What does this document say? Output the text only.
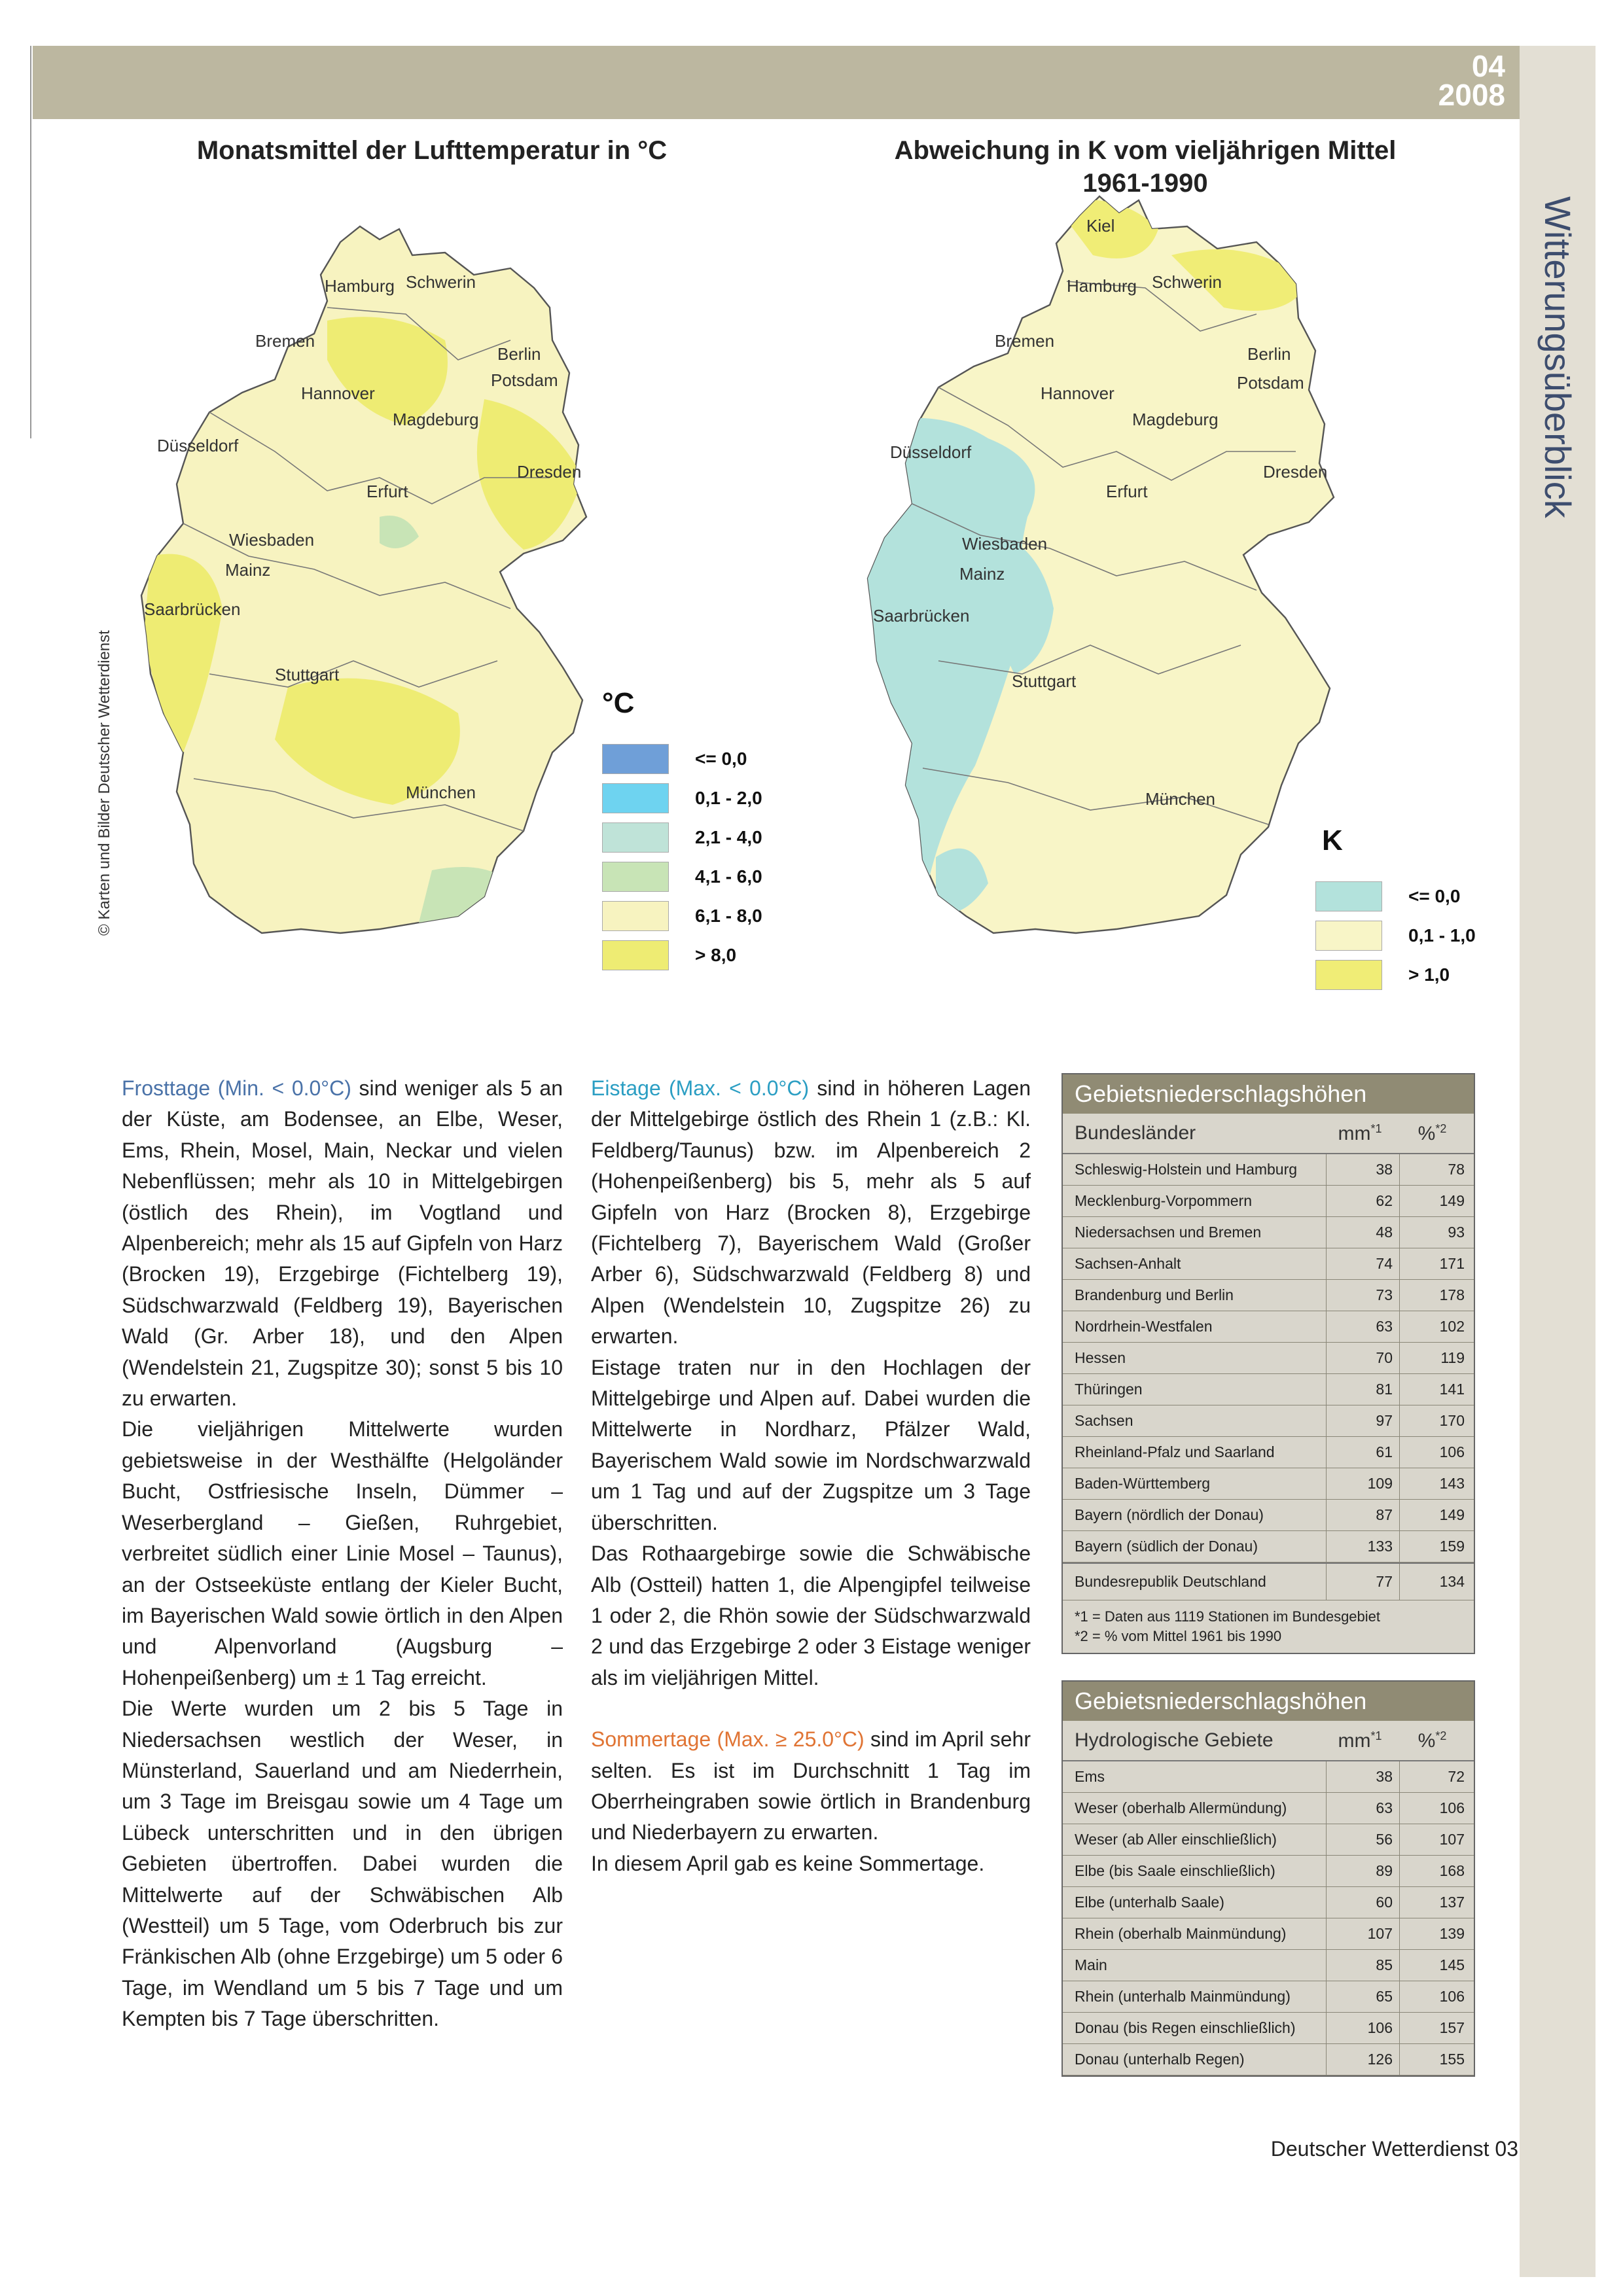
04
2008
Witterungsüberblick
© Karten und Bilder Deutscher Wetterdienst
Monatsmittel der Lufttemperatur in °C	Abweichung in K vom vieljährigen Mittel 1961-1990
Hamburg Schwerin
Bremen
Berlin
Potsdam
Hannover
Magdeburg
Düsseldorf
Erfurt
Dresden
Wiesbaden
Mainz
Saarbrücken
Stuttgart
München
°C
<= 0,0
0,1 - 2,0
2,1 - 4,0
4,1 - 6,0
6,1 - 8,0
> 8,0
Kiel
Hamburg Schwerin
Bremen
Berlin
Potsdam
Hannover
Magdeburg
Düsseldorf
Erfurt
Dresden
Wiesbaden
Mainz
Saarbrücken
Stuttgart
München
K
<= 0,0
0,1 - 1,0
> 1,0

Frosttage (Min. < 0.0°C) sind weniger als 5 an der Küste, am Bodensee, an Elbe, Weser, Ems, Rhein, Mosel, Main, Neckar und vielen Nebenflüssen; mehr als 10 in Mittelgebirgen (östlich des Rhein), im Vogtland und Alpenbereich; mehr als 15 auf Gipfeln von Harz (Brocken 19), Erzgebirge (Fichtelberg 19), Südschwarzwald (Feldberg 19), Bayerischen Wald (Gr. Arber 18), und den Alpen (Wendelstein 21, Zugspitze 30); sonst 5 bis 10 zu erwarten.

Die vieljährigen Mittelwerte wurden gebietsweise in der Westhälfte (Helgoländer Bucht, Ostfriesische Inseln, Dümmer – Weserbergland – Gießen, Ruhrgebiet, verbreitet südlich einer Linie Mosel – Taunus), an der Ostseeküste entlang der Kieler Bucht, im Bayerischen Wald sowie örtlich in den Alpen und Alpenvorland (Augsburg – Hohenpeißenberg) um ± 1 Tag erreicht.

Die Werte wurden um 2 bis 5 Tage in Niedersachsen westlich der Weser, in Münsterland, Sauerland und am Niederrhein, um 3 Tage im Breisgau sowie um 4 Tage um Lübeck unterschritten und in den übrigen Gebieten übertroffen. Dabei wurden die Mittelwerte auf der Schwäbischen Alb (Westteil) um 5 Tage, vom Oderbruch bis zur Fränkischen Alb (ohne Erzgebirge) um 5 oder 6 Tage, im Wendland um 5 bis 7 Tage und um Kempten bis 7 Tage überschritten.

Eistage (Max. < 0.0°C) sind in höheren Lagen der Mittelgebirge östlich des Rhein 1 (z.B.: Kl. Feldberg/Taunus) bzw. im Alpenbereich 2 (Hohenpeißenberg) bis 5, mehr als 5 auf Gipfeln von Harz (Brocken 8), Erzgebirge (Fichtelberg 7), Bayerischem Wald (Großer Arber 6), Südschwarzwald (Feldberg 8) und Alpen (Wendelstein 10, Zugspitze 26) zu erwarten.

Eistage traten nur in den Hochlagen der Mittelgebirge und Alpen auf. Dabei wurden die Mittelwerte in Nordharz, Pfälzer Wald, Bayerischem Wald sowie im Nordschwarzwald um 1 Tag und auf der Zugspitze um 3 Tage überschritten.

Das Rothaargebirge sowie die Schwäbische Alb (Ostteil) hatten 1, die Alpengipfel teilweise 1 oder 2, die Rhön sowie der Südschwarzwald 2 und das Erzgebirge 2 oder 3 Eistage weniger als im vieljährigen Mittel.

Sommertage (Max. ≥ 25.0°C) sind im April sehr selten. Es ist im Durchschnitt 1 Tag im Oberrheingraben sowie örtlich in Brandenburg und Niederbayern zu erwarten.

In diesem April gab es keine Sommertage.

Gebietsniederschlagshöhen
Bundesländer	$mm^{*1}$	%$^{*2}$
Schleswig-Holstein und Hamburg	38	78
Mecklenburg-Vorpommern	62	149
Niedersachsen und Bremen	48	93
Sachsen-Anhalt	74	171
Brandenburg und Berlin	73	178
Nordrhein-Westfalen	63	102
Hessen	70	119
Thüringen	81	141
Sachsen	97	170
Rheinland-Pfalz und Saarland	61	106
Baden-Württemberg	109	143
Bayern (nördlich der Donau)	87	149
Bayern (südlich der Donau)	133	159
Bundesrepublik Deutschland	77	134
*1 = Daten aus 1119 Stationen im Bundesgebiet
*2 = % vom Mittel 1961 bis 1990
Gebietsniederschlagshöhen
Hydrologische Gebiete	$mm^{*1}$	%$^{*2}$
Ems	38	72
Weser (oberhalb Allermündung)	63	106
Weser (ab Aller einschließlich)	56	107
Elbe (bis Saale einschließlich)	89	168
Elbe (unterhalb Saale)	60	137
Rhein (oberhalb Mainmündung)	107	139
Main	85	145
Rhein (unterhalb Mainmündung)	65	106
Donau (bis Regen einschließlich)	106	157
Donau (unterhalb Regen)	126	155
Deutscher Wetterdienst 03
